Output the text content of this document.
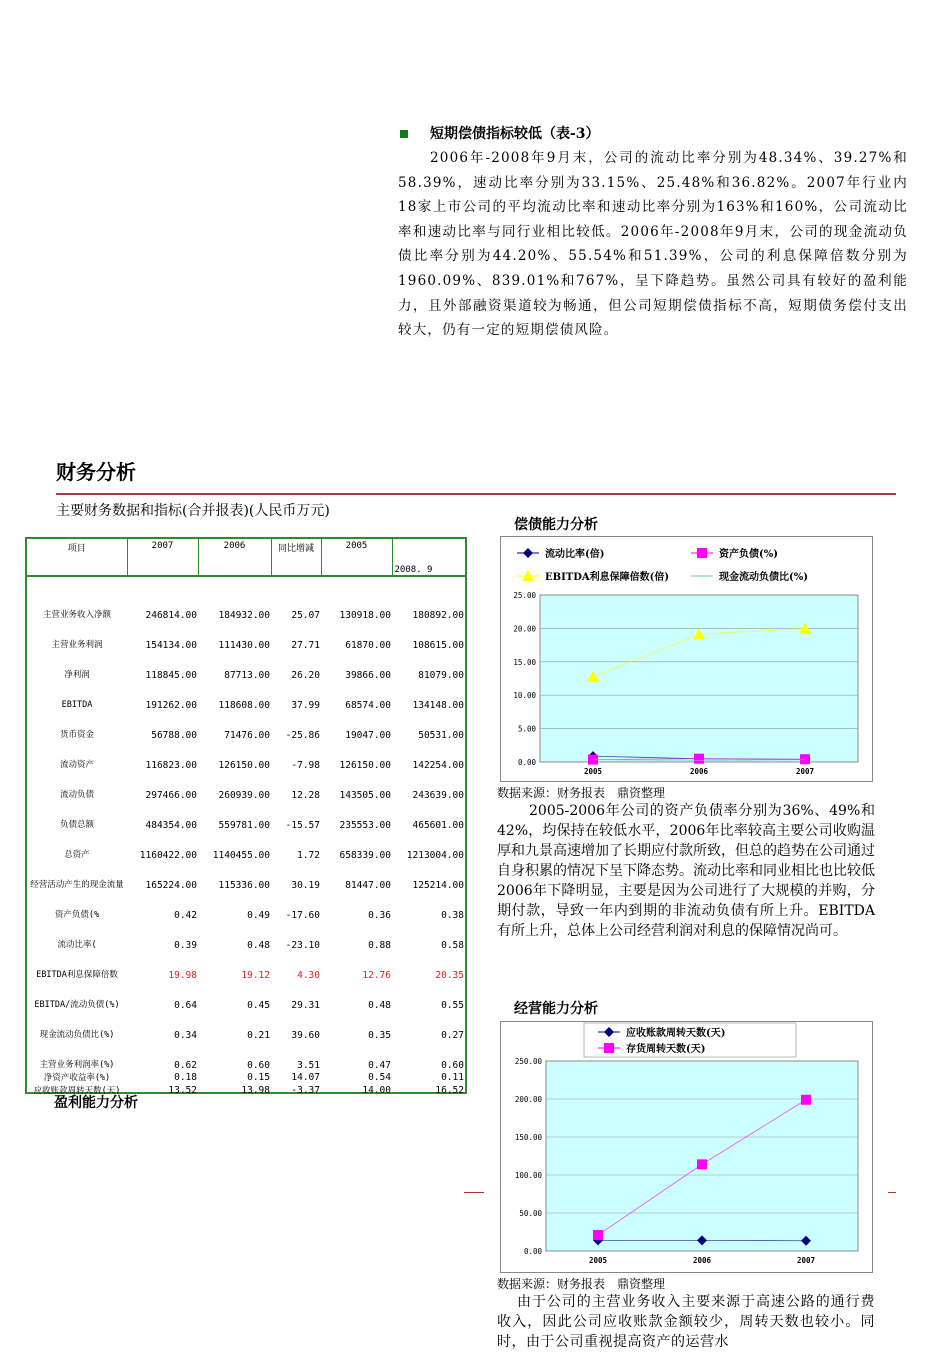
短期偿债指标较低（表-3）

2006年-2008年9月末，公司的流动比率分别为48.34%、39.27%和58.39%，速动比率分别为33.15%、25.48%和36.82%。2007年行业内18家上市公司的平均流动比率和速动比率分别为163%和160%，公司流动比率和速动比率与同行业相比较低。2006年-2008年9月末，公司的现金流动负债比率分别为44.20%、55.54%和51.39%，公司的利息保障倍数分别为1960.09%、839.01%和767%，呈下降趋势。虽然公司具有较好的盈利能力，且外部融资渠道较为畅通，但公司短期偿债指标不高，短期债务偿付支出较大，仍有一定的短期偿债风险。

财务分析
主要财务数据和指标(合并报表)(人民币万元)
项目	2007	2006	同比增减	2005	2008. 9

主营业务收入净额	246814.00	184932.00	25.07	130918.00	180892.00
主营业务利润	154134.00	111430.00	27.71	61870.00	108615.00
净利润	118845.00	87713.00	26.20	39866.00	81079.00
EBITDA	191262.00	118608.00	37.99	68574.00	134148.00
货币资金	56788.00	71476.00	-25.86	19047.00	50531.00
流动资产	116823.00	126150.00	-7.98	126150.00	142254.00
流动负债	297466.00	260939.00	12.28	143505.00	243639.00
负债总额	484354.00	559781.00	-15.57	235553.00	465601.00
总资产	1160422.00	1140455.00	1.72	658339.00	1213004.00
经营活动产生的现金流量	165224.00	115336.00	30.19	81447.00	125214.00
资产负债(%	0.42	0.49	-17.60	0.36	0.38
流动比率(	0.39	0.48	-23.10	0.88	0.58
EBITDA利息保障倍数	19.98	19.12	4.30	12.76	20.35
EBITDA/流动负债(%)	0.64	0.45	29.31	0.48	0.55
现金流动负债比(%)	0.34	0.21	39.60	0.35	0.27
主营业务利润率(%)	0.62	0.60	3.51	0.47	0.60
净资产收益率(%)	0.18	0.15	14.07	0.54	0.11
应收账款周转天数(天)	13.52	13.98	-3.37	14.00	16.52
盈利能力分析
偿债能力分析
流动比率(倍)	资产负债(%)
EBITDA利息保障倍数(倍)	现金流动负债比(%)
0.00
5.00
10.00
15.00
20.00
25.00
2005	2006	2007
数据来源：财务报表　鼎资整理

2005-2006年公司的资产负债率分别为36%、49%和42%，均保持在较低水平，2006年比率较高主要公司收购温厚和九景高速增加了长期应付款所致，但总的趋势在公司通过自身积累的情况下呈下降态势。流动比率和同业相比也比较低2006年下降明显，主要是因为公司进行了大规模的并购，分期付款，导致一年内到期的非流动负债有所上升。EBITDA有所上升，总体上公司经营利润对利息的保障情况尚可。

经营能力分析
应收账款周转天数(天)
存货周转天数(天)
0.00
50.00
100.00
150.00
200.00
250.00
2005	2006	2007
数据来源：财务报表　鼎资整理

由于公司的主营业务收入主要来源于高速公路的通行费收入，因此公司应收账款金额较少，周转天数也较小。同时，由于公司重视提高资产的运营水
